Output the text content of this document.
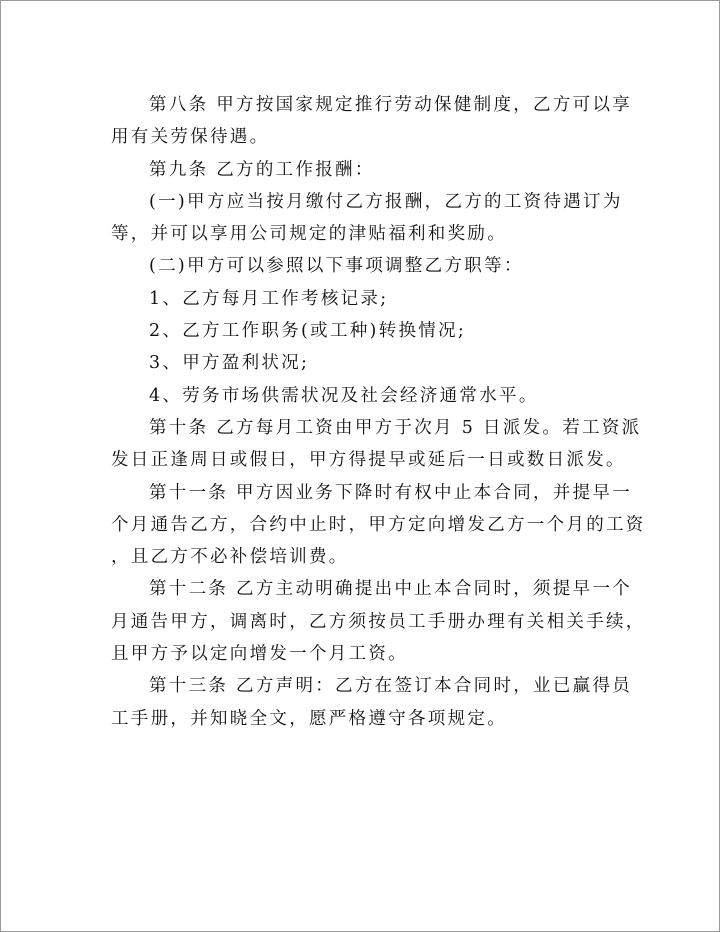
第八条 甲方按国家规定推行劳动保健制度，乙方可以享
用有关劳保待遇。
第九条 乙方的工作报酬：
(一)甲方应当按月缴付乙方报酬，乙方的工资待遇订为
等，并可以享用公司规定的津贴福利和奖励。
(二)甲方可以参照以下事项调整乙方职等：
1、乙方每月工作考核记录;
2、乙方工作职务(或工种)转换情况;
3、甲方盈利状况;
4、劳务市场供需状况及社会经济通常水平。
第十条 乙方每月工资由甲方于次月 5 日派发。若工资派
发日正逢周日或假日，甲方得提早或延后一日或数日派发。
第十一条 甲方因业务下降时有权中止本合同，并提早一
个月通告乙方，合约中止时，甲方定向增发乙方一个月的工资
，且乙方不必补偿培训费。
第十二条 乙方主动明确提出中止本合同时，须提早一个
月通告甲方，调离时，乙方须按员工手册办理有关相关手续，
且甲方予以定向增发一个月工资。
第十三条 乙方声明：乙方在签订本合同时，业已赢得员
工手册，并知晓全文，愿严格遵守各项规定。
